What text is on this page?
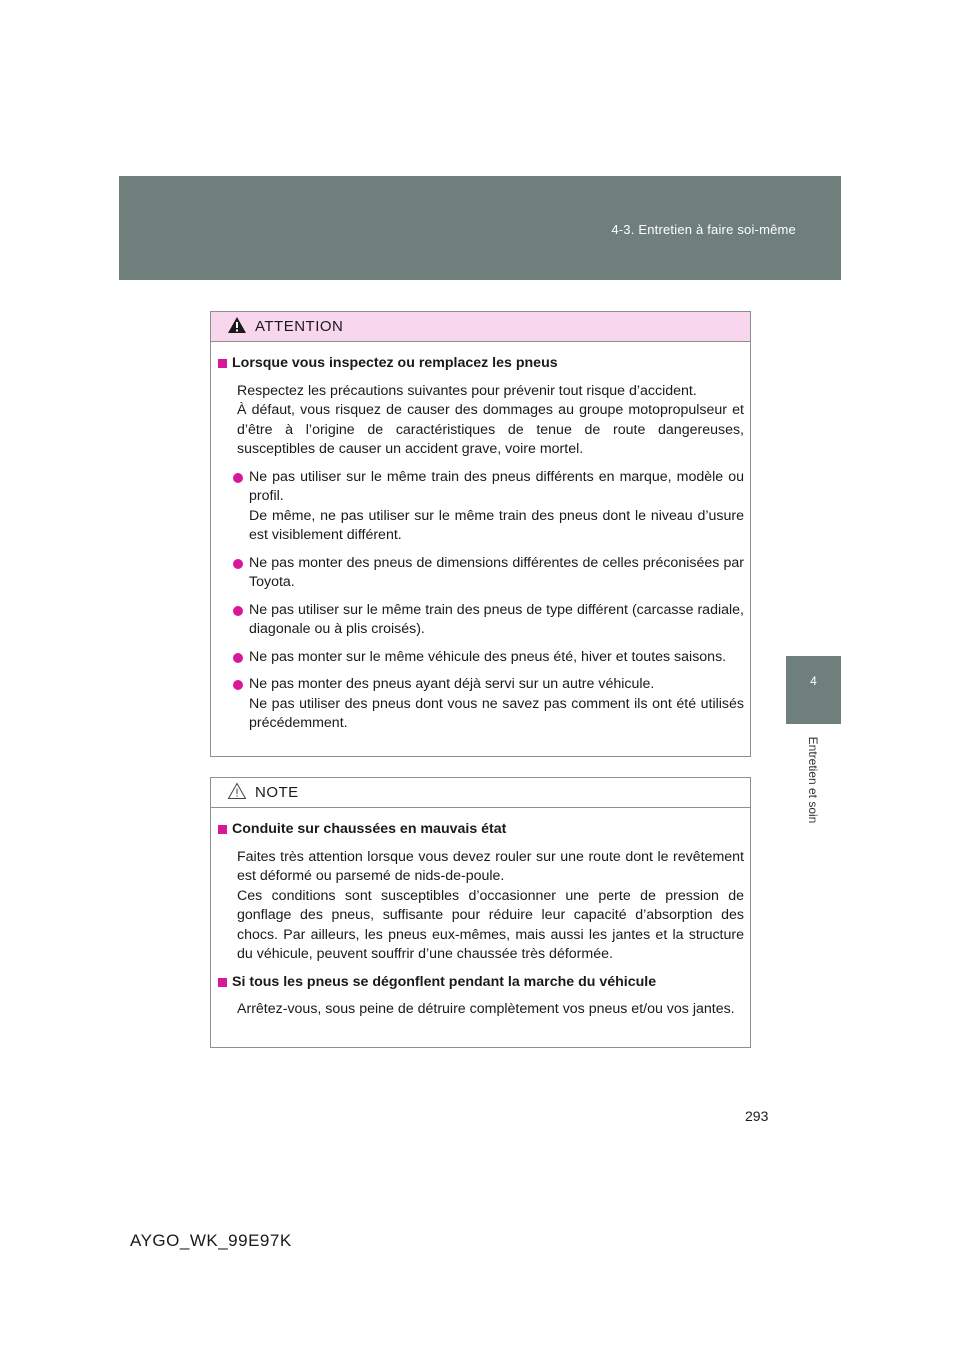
4-3. Entretien à faire soi-même
4
Entretien et soin
ATTENTION
Lorsque vous inspectez ou remplacez les pneus
Respectez les précautions suivantes pour prévenir tout risque d’accident.
À défaut, vous risquez de causer des dommages au groupe motopropulseur et d’être à l’origine de caractéristiques de tenue de route dangereuses, susceptibles de causer un accident grave, voire mortel.
Ne pas utiliser sur le même train des pneus différents en marque, modèle ou profil.
De même, ne pas utiliser sur le même train des pneus dont le niveau d’usure est visiblement différent.
Ne pas monter des pneus de dimensions différentes de celles préconisées par Toyota.
Ne pas utiliser sur le même train des pneus de type différent (carcasse radiale, diagonale ou à plis croisés).
Ne pas monter sur le même véhicule des pneus été, hiver et toutes saisons.
Ne pas monter des pneus ayant déjà servi sur un autre véhicule.
Ne pas utiliser des pneus dont vous ne savez pas comment ils ont été utilisés précédemment.
NOTE
Conduite sur chaussées en mauvais état
Faites très attention lorsque vous devez rouler sur une route dont le revêtement est déformé ou parsemé de nids-de-poule.
Ces conditions sont susceptibles d’occasionner une perte de pression de gonflage des pneus, suffisante pour réduire leur capacité d’absorption des chocs. Par ailleurs, les pneus eux-mêmes, mais aussi les jantes et la structure du véhicule, peuvent souffrir d’une chaussée très déformée.
Si tous les pneus se dégonflent pendant la marche du véhicule
Arrêtez-vous, sous peine de détruire complètement vos pneus et/ou vos jantes.
293
AYGO_WK_99E97K
